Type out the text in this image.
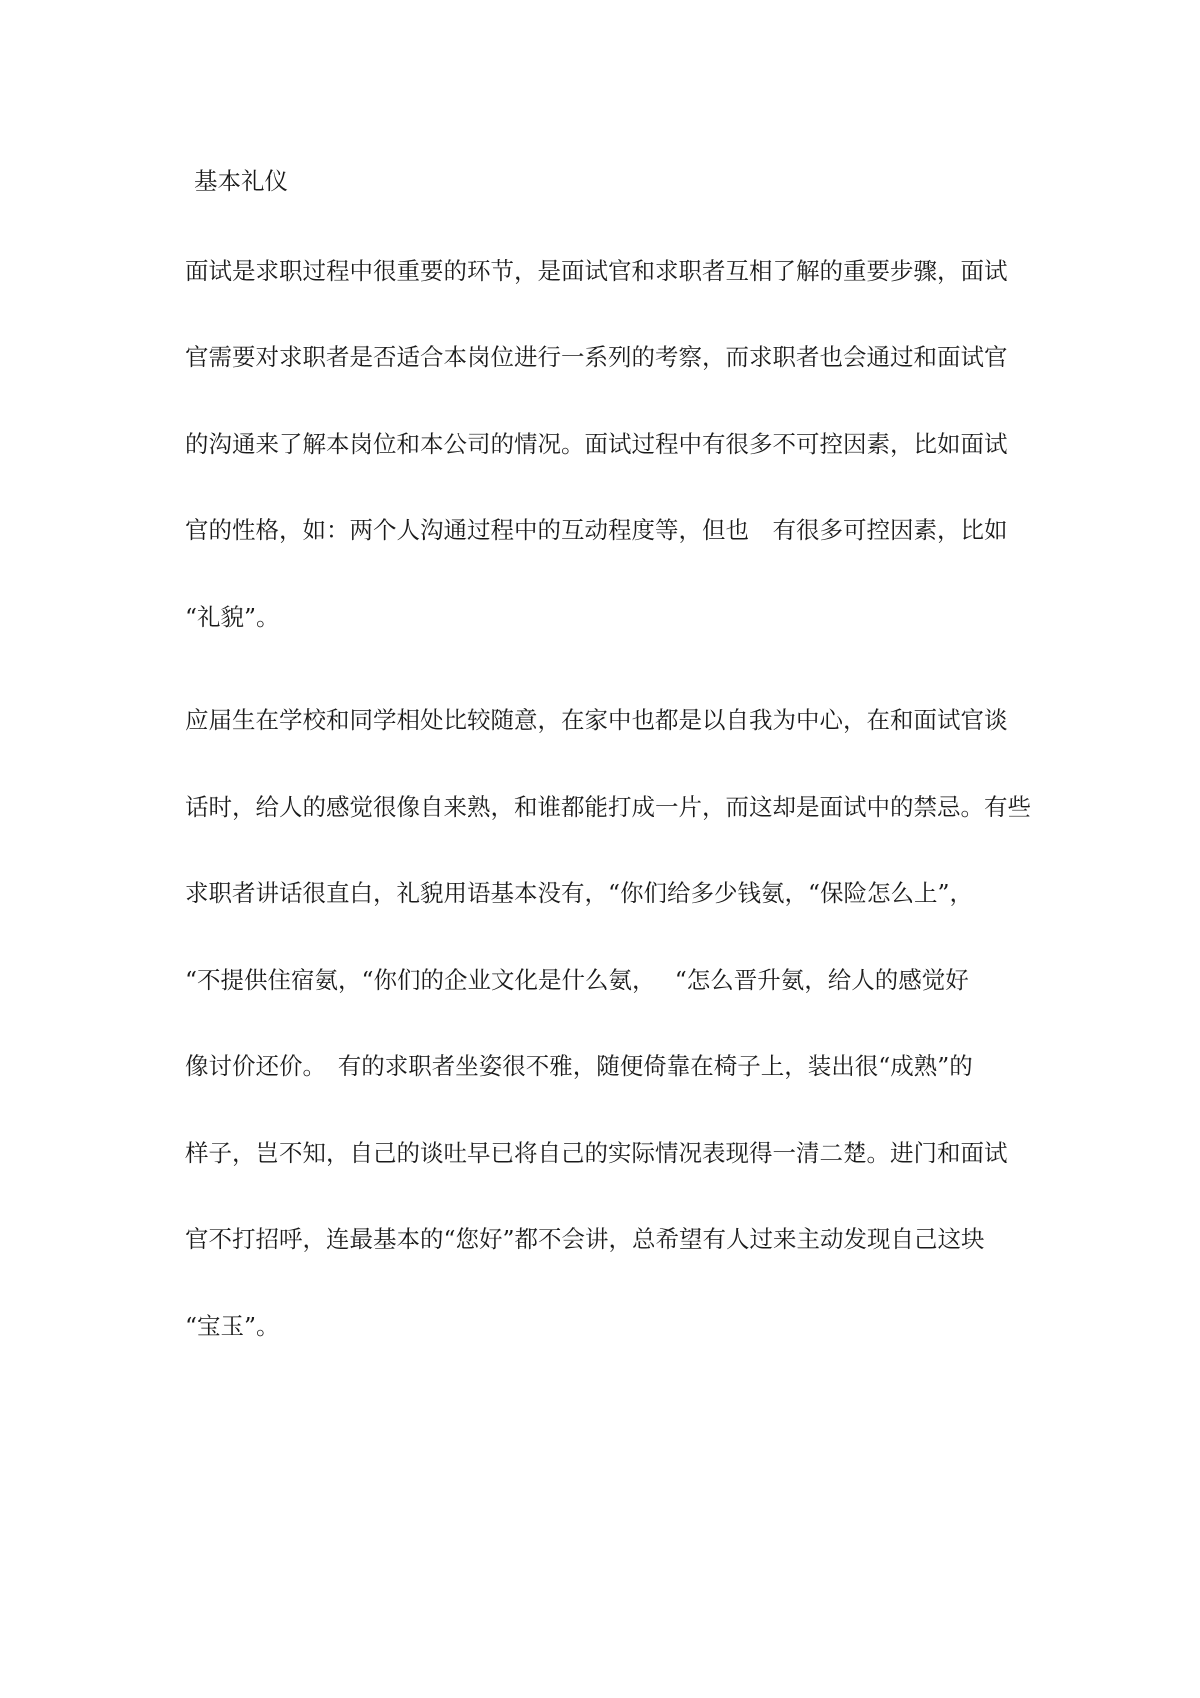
基本礼仪
面试是求职过程中很重要的环节，是面试官和求职者互相了解的重要步骤，面试
官需要对求职者是否适合本岗位进行一系列的考察，而求职者也会通过和面试官
的沟通来了解本岗位和本公司的情况。面试过程中有很多不可控因素，比如面试
官的性格，如：两个人沟通过程中的互动程度等，但也　有很多可控因素，比如
“礼貌”。
应届生在学校和同学相处比较随意，在家中也都是以自我为中心，在和面试官谈
话时，给人的感觉很像自来熟，和谁都能打成一片，而这却是面试中的禁忌。有些
求职者讲话很直白，礼貌用语基本没有，“你们给多少钱氨，“保险怎么上”，
“不提供住宿氨，“你们的企业文化是什么氨，　 “怎么晋升氨，给人的感觉好
像讨价还价。　有的求职者坐姿很不雅，随便倚靠在椅子上，装出很“成熟”的
样子，岂不知，自己的谈吐早已将自己的实际情况表现得一清二楚。进门和面试
官不打招呼，连最基本的“您好”都不会讲，总希望有人过来主动发现自己这块
“宝玉”。
